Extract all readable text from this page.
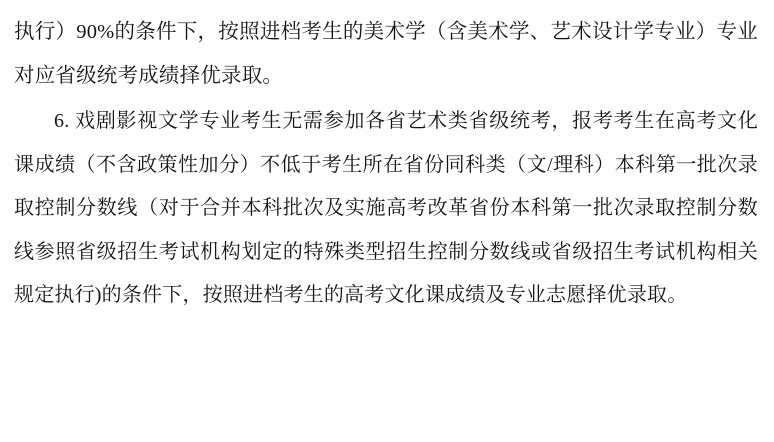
执行）90%的条件下，按照进档考生的美术学（含美术学、艺术设计学专业）专业对应省级统考成绩择优录取。

6. 戏剧影视文学专业考生无需参加各省艺术类省级统考，报考考生在高考文化课成绩（不含政策性加分）不低于考生所在省份同科类（文/理科）本科第一批次录取控制分数线（对于合并本科批次及实施高考改革省份本科第一批次录取控制分数线参照省级招生考试机构划定的特殊类型招生控制分数线或省级招生考试机构相关规定执行)的条件下，按照进档考生的高考文化课成绩及专业志愿择优录取。
